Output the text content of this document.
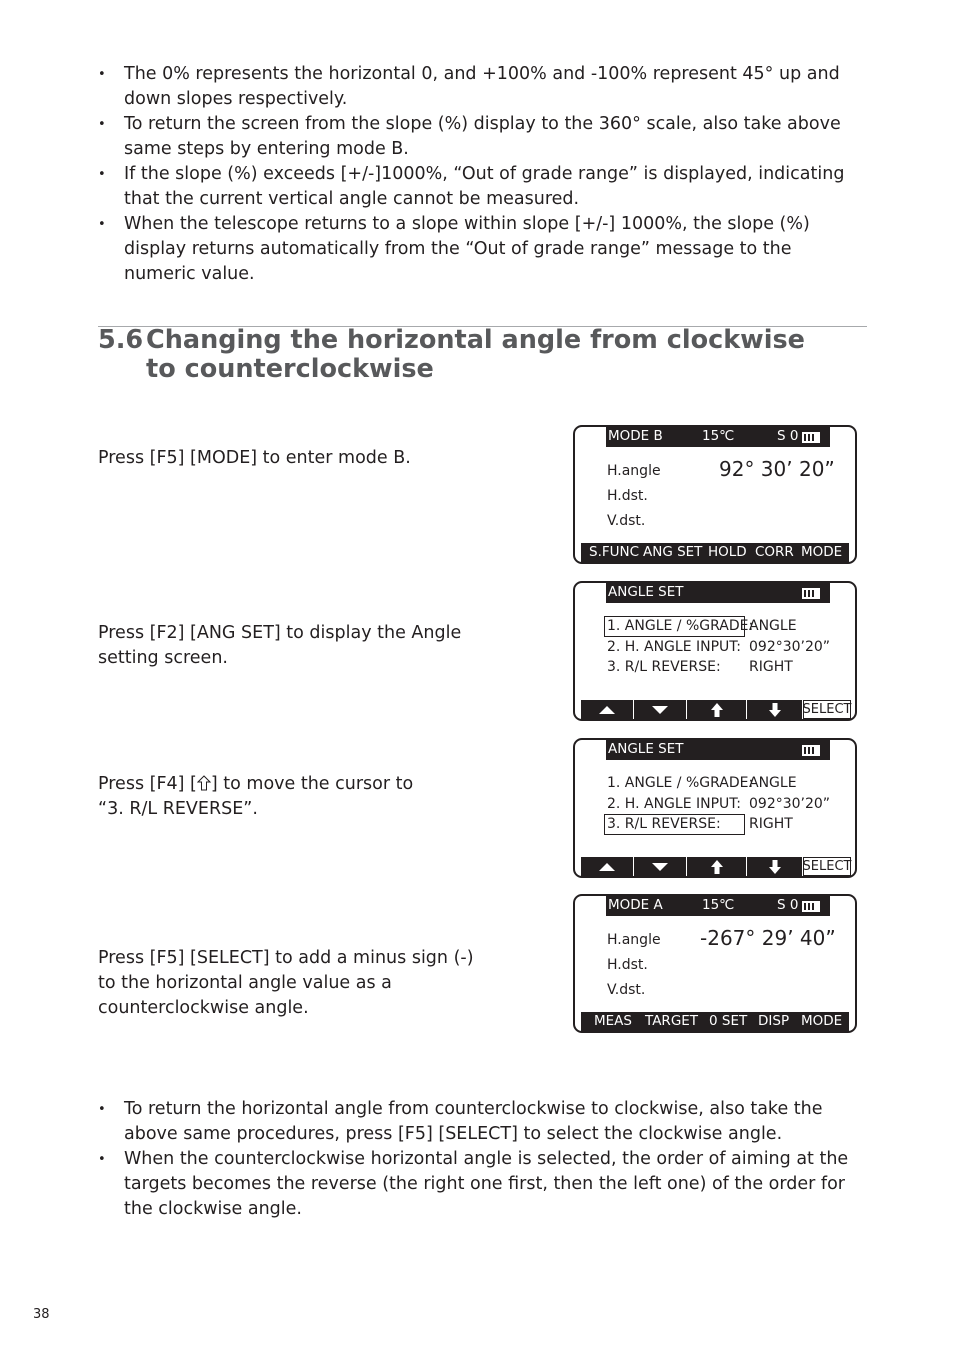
• The 0% represents the horizontal 0, and +100% and -100% represent 45° up and down slopes respectively.
• To return the screen from the slope (%) display to the 360° scale, also take above same steps by entering mode B.
• If the slope (%) exceeds [+/-]1000%, “Out of grade range” is displayed, indicating that the current vertical angle cannot be measured.
• When the telescope returns to a slope within slope [+/-] 1000%, the slope (%) display returns automatically from the “Out of grade range” message to the numeric value.
5.6 Changing the horizontal angle from clockwise to counterclockwise
Press [F5] [MODE] to enter mode B.
Press [F2] [ANG SET] to display the Angle setting screen.
Press [F4] [ ] to move the cursor to
“3. R/L REVERSE”.
Press [F5] [SELECT] to add a minus sign (-) to the horizontal angle value as a counterclockwise angle.
MODE B	15℃	S 0
H.angle
H.dst.
V.dst.
92° 30’ 20”
S.FUNC ANG SET HOLD CORR MODE
ANGLE SET
1. ANGLE / %GRADE:
ANGLE
2. H. ANGLE INPUT: 092°30’20”
3. R/L REVERSE: RIGHT
SELECT
ANGLE SET
1. ANGLE / %GRADE:
ANGLE
2. H. ANGLE INPUT: 092°30’20”
3. R/L REVERSE: RIGHT
SELECT
MODE A	15℃	S 0
H.angle
H.dst.
V.dst.
-267° 29’ 40”
MEAS TARGET 0 SET DISP MODE
• To return the horizontal angle from counterclockwise to clockwise, also take the above same procedures, press [F5] [SELECT] to select the clockwise angle.
• When the counterclockwise horizontal angle is selected, the order of aiming at the targets becomes the reverse (the right one first, then the left one) of the order for the clockwise angle.
38
